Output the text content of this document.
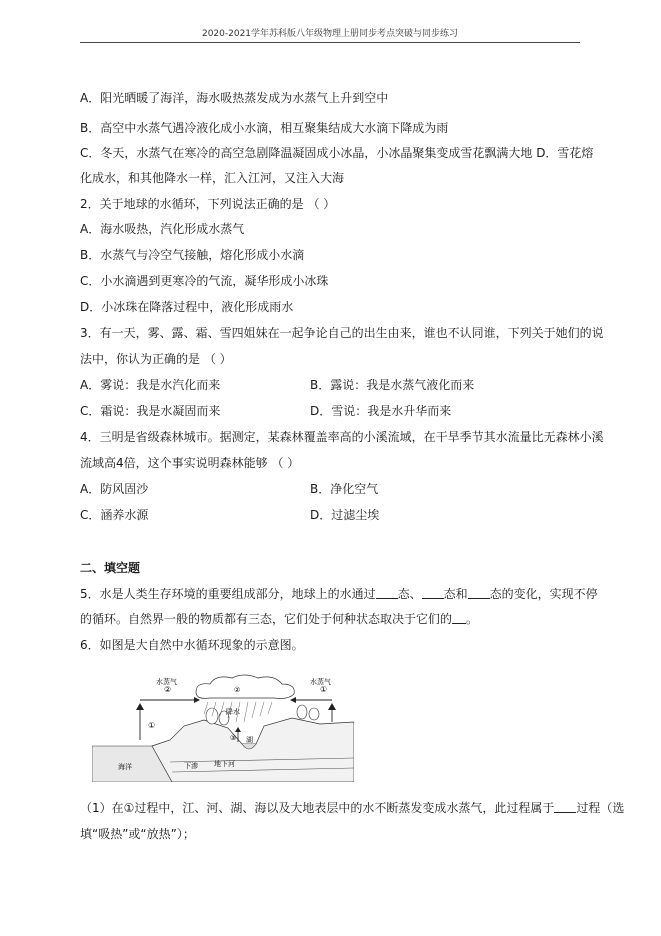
2020-2021学年苏科版八年级物理上册同步考点突破与同步练习
A．阳光晒暖了海洋，海水吸热蒸发成为水蒸气上升到空中
B．高空中水蒸气遇冷液化成小水滴，相互聚集结成大水滴下降成为雨
C．冬天，水蒸气在寒冷的高空急剧降温凝固成小冰晶，小冰晶聚集变成雪花飘满大地 D．雪花熔
化成水，和其他降水一样，汇入江河，又注入大海
2．关于地球的水循环，下列说法正确的是 （ ）
A．海水吸热，汽化形成水蒸气
B．水蒸气与冷空气接触，熔化形成小水滴
C．小水滴遇到更寒冷的气流，凝华形成小冰珠
D．小冰珠在降落过程中，液化形成雨水
3．有一天，雾、露、霜、雪四姐妹在一起争论自己的出生由来，谁也不认同谁，下列关于她们的说
法中，你认为正确的是 （ ）
A．雾说：我是水汽化而来	B．露说：我是水蒸气液化而来
C．霜说：我是水凝固而来	D．雪说：我是水升华而来
4．三明是省级森林城市。据测定，某森林覆盖率高的小溪流域，在干旱季节其水流量比无森林小溪
流域高4倍，这个事实说明森林能够 （ ）
A．防风固沙	B．净化空气
C．涵养水源	D．过滤尘埃
二、填空题
5．水是人类生存环境的重要组成部分，地球上的水通过 态、 态和 态的变化，实现不停
的循环。自然界一般的物质都有三态，它们处于何种状态取决于它们的 。
6．如图是大自然中水循环现象的示意图。
海洋	下渗 地下河
湖
②
降水
③
①
②
水蒸气
①
水蒸气
（1）在①过程中，江、河、湖、海以及大地表层中的水不断蒸发变成水蒸气，此过程属于 过程（选
填“吸热”或“放热”）；
